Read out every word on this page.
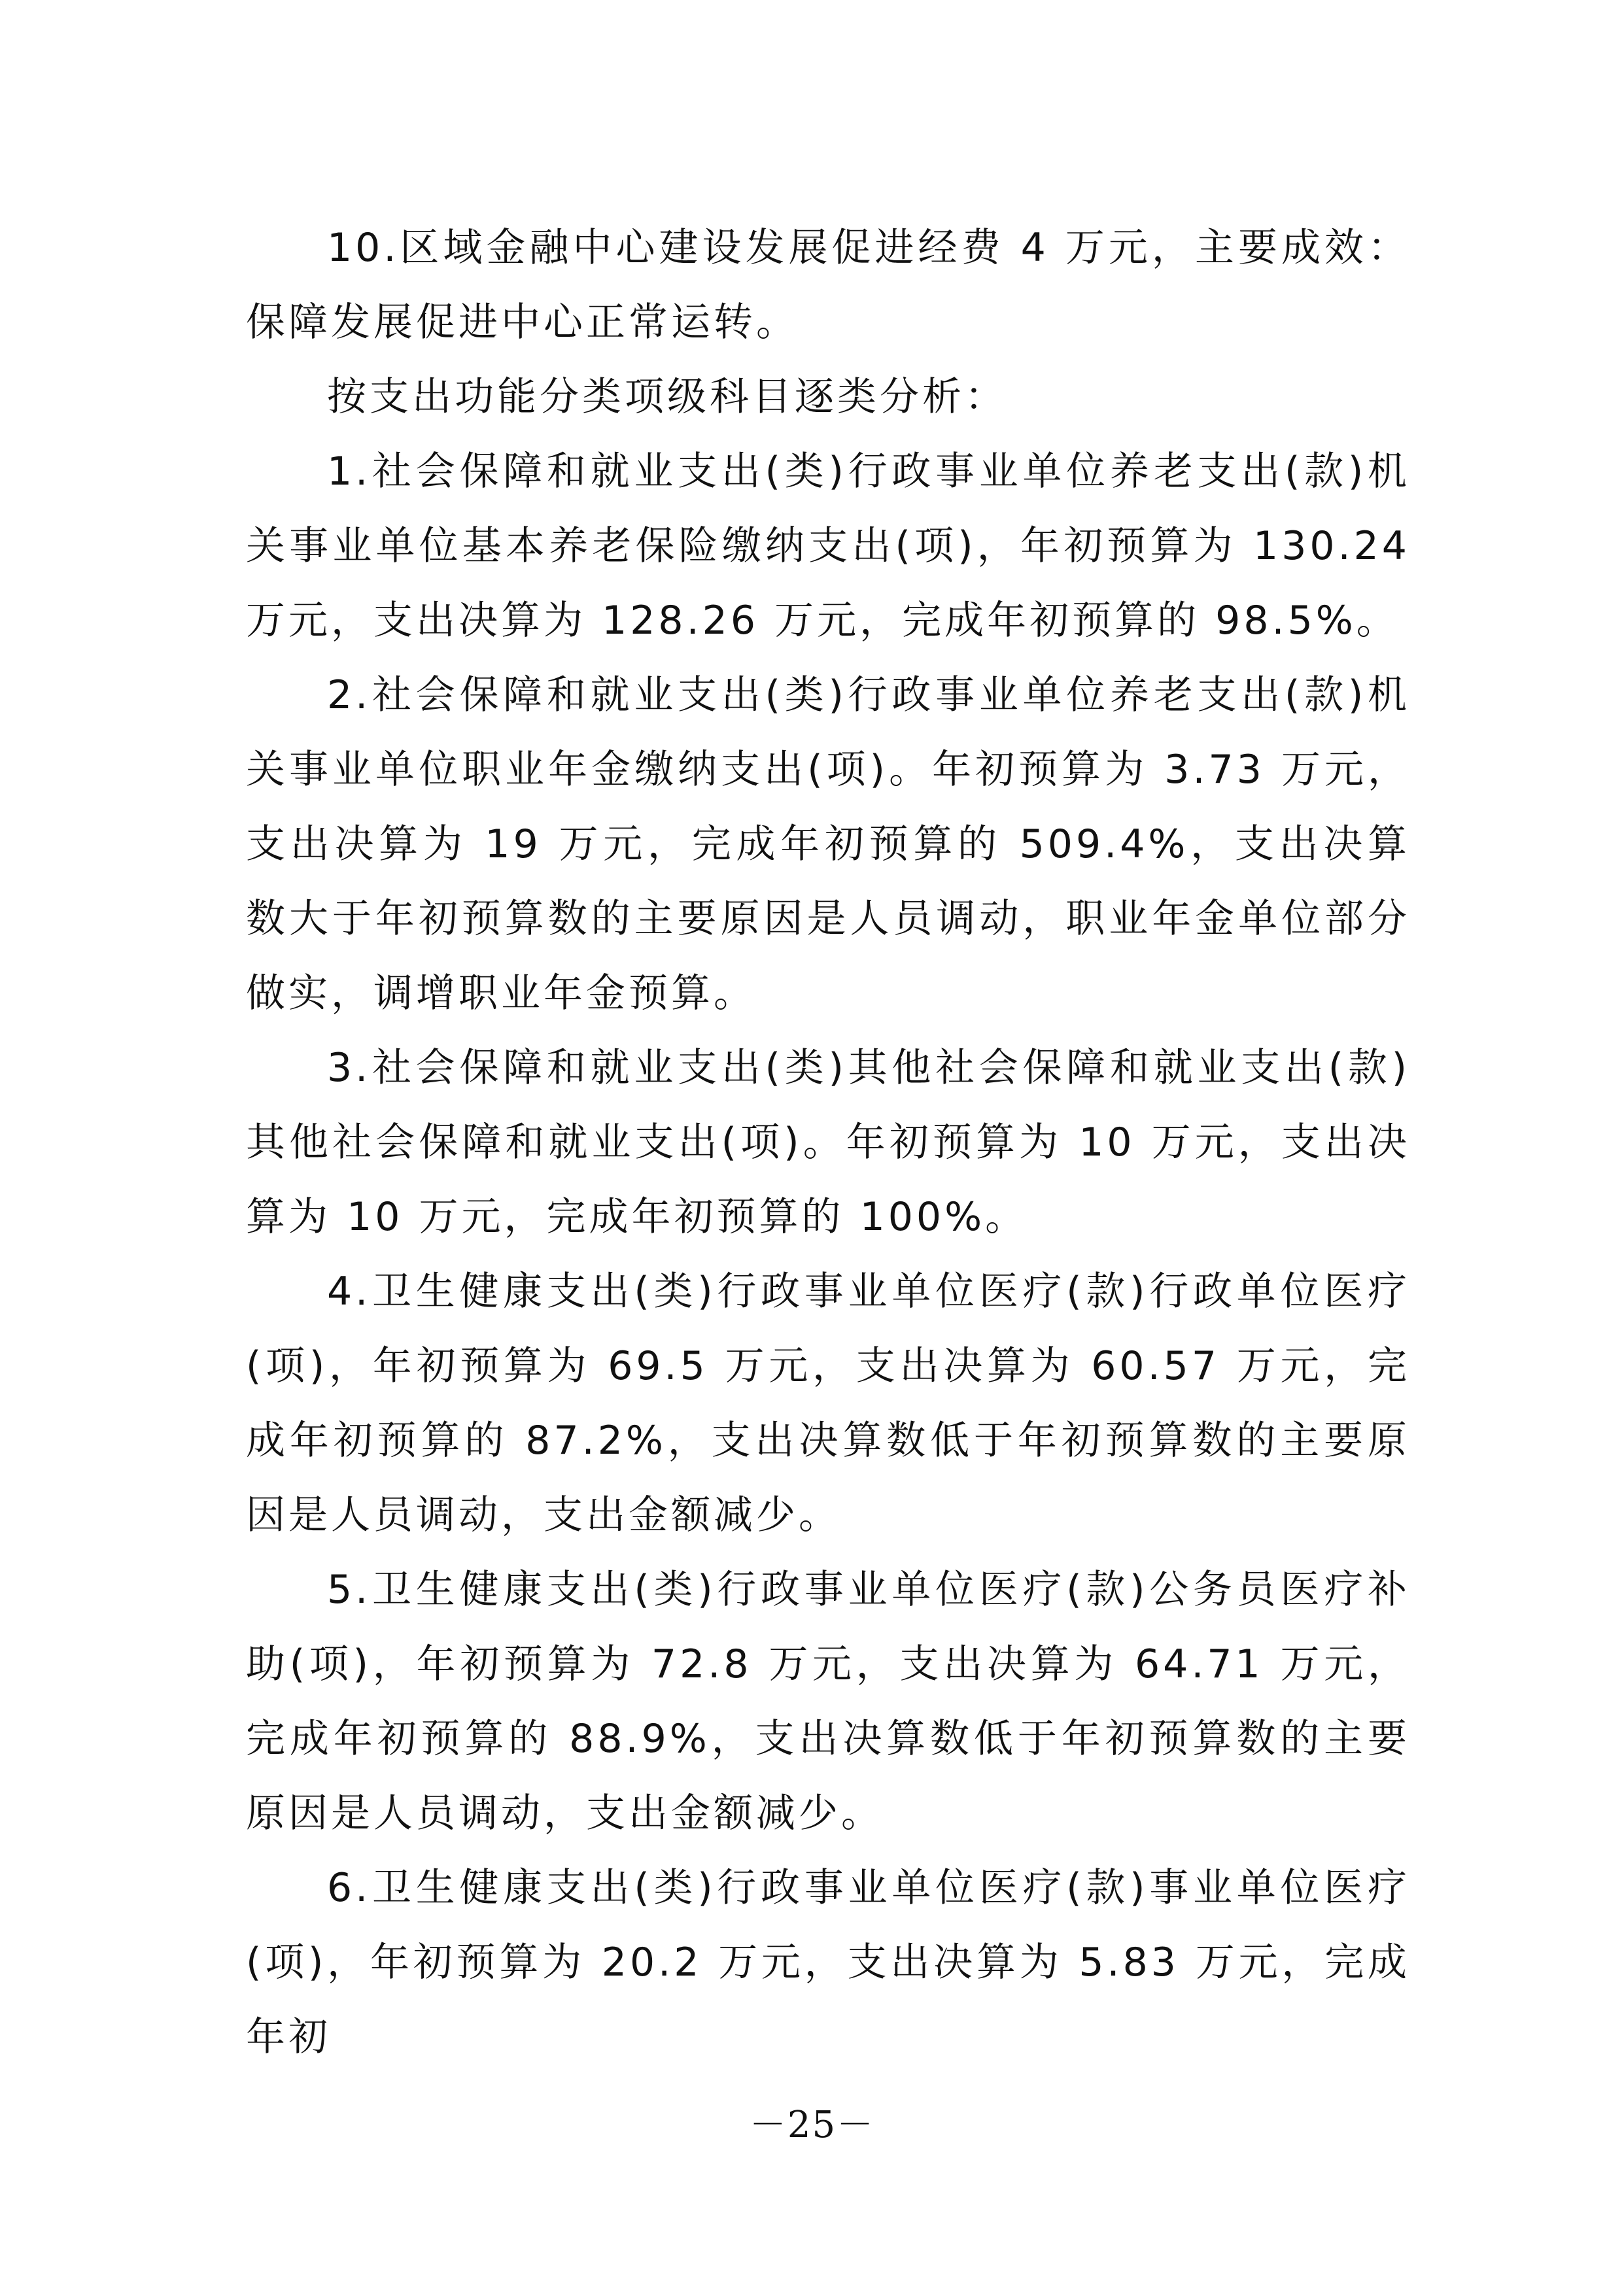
10.区域金融中心建设发展促进经费 4 万元，主要成效：保障发展促进中心正常运转。

按支出功能分类项级科目逐类分析：

1.社会保障和就业支出(类)行政事业单位养老支出(款)机关事业单位基本养老保险缴纳支出(项)，年初预算为 130.24 万元，支出决算为 128.26 万元，完成年初预算的 98.5%。

2.社会保障和就业支出(类)行政事业单位养老支出(款)机关事业单位职业年金缴纳支出(项)。年初预算为 3.73 万元，支出决算为 19 万元，完成年初预算的 509.4%，支出决算数大于年初预算数的主要原因是人员调动，职业年金单位部分做实，调增职业年金预算。

3.社会保障和就业支出(类)其他社会保障和就业支出(款)其他社会保障和就业支出(项)。年初预算为 10 万元，支出决算为 10 万元，完成年初预算的 100%。

4.卫生健康支出(类)行政事业单位医疗(款)行政单位医疗(项)，年初预算为 69.5 万元，支出决算为 60.57 万元，完成年初预算的 87.2%，支出决算数低于年初预算数的主要原因是人员调动，支出金额减少。

5.卫生健康支出(类)行政事业单位医疗(款)公务员医疗补助(项)，年初预算为 72.8 万元，支出决算为 64.71 万元，完成年初预算的 88.9%，支出决算数低于年初预算数的主要原因是人员调动，支出金额减少。

6.卫生健康支出(类)行政事业单位医疗(款)事业单位医疗(项)，年初预算为 20.2 万元，支出决算为 5.83 万元，完成年初

－25－
